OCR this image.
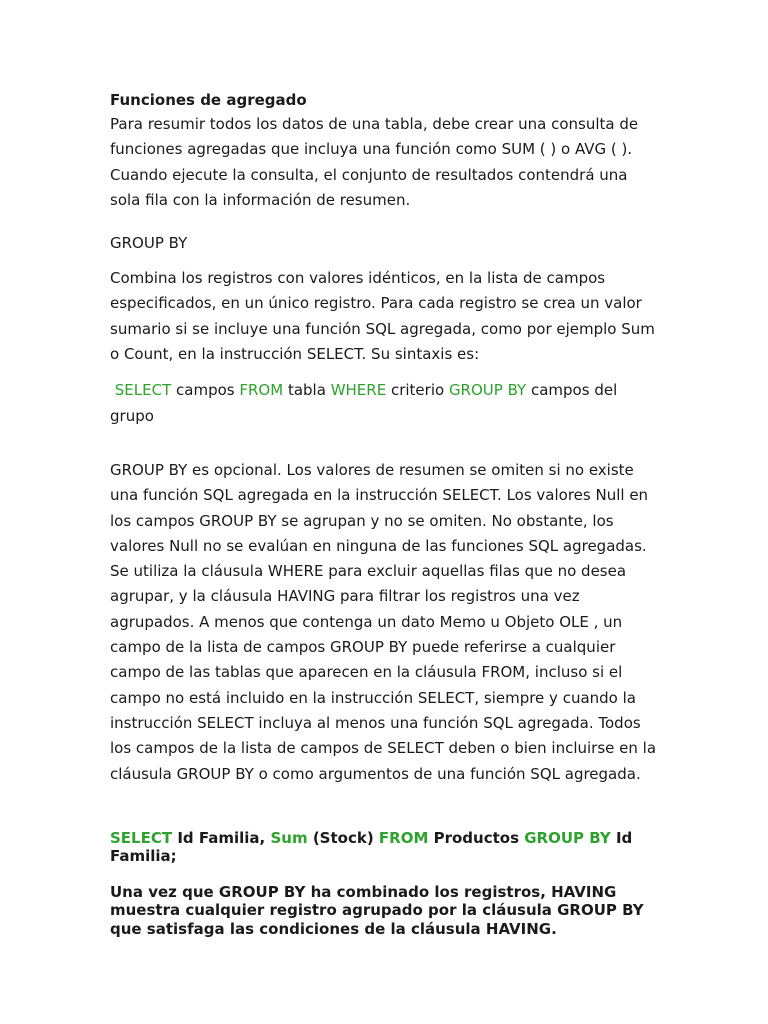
Funciones de agregado

Para resumir todos los datos de una tabla, debe crear una consulta de funciones agregadas que incluya una función como SUM ( ) o AVG ( ). Cuando ejecute la consulta, el conjunto de resultados contendrá una sola fila con la información de resumen.

GROUP BY

Combina los registros con valores idénticos, en la lista de campos especificados, en un único registro. Para cada registro se crea un valor sumario si se incluye una función SQL agregada, como por ejemplo Sum o Count, en la instrucción SELECT. Su sintaxis es:

SELECT campos FROM tabla WHERE criterio GROUP BY campos del grupo

GROUP BY es opcional. Los valores de resumen se omiten si no existe una función SQL agregada en la instrucción SELECT. Los valores Null en los campos GROUP BY se agrupan y no se omiten. No obstante, los valores Null no se evalúan en ninguna de las funciones SQL agregadas.

Se utiliza la cláusula WHERE para excluir aquellas filas que no desea agrupar, y la cláusula HAVING para filtrar los registros una vez agrupados. A menos que contenga un dato Memo u Objeto OLE , un campo de la lista de campos GROUP BY puede referirse a cualquier campo de las tablas que aparecen en la cláusula FROM, incluso si el campo no está incluido en la instrucción SELECT, siempre y cuando la instrucción SELECT incluya al menos una función SQL agregada. Todos los campos de la lista de campos de SELECT deben o bien incluirse en la cláusula GROUP BY o como argumentos de una función SQL agregada.

SELECT Id Familia, Sum (Stock) FROM Productos GROUP BY Id Familia;

Una vez que GROUP BY ha combinado los registros, HAVING muestra cualquier registro agrupado por la cláusula GROUP BY que satisfaga las condiciones de la cláusula HAVING.
